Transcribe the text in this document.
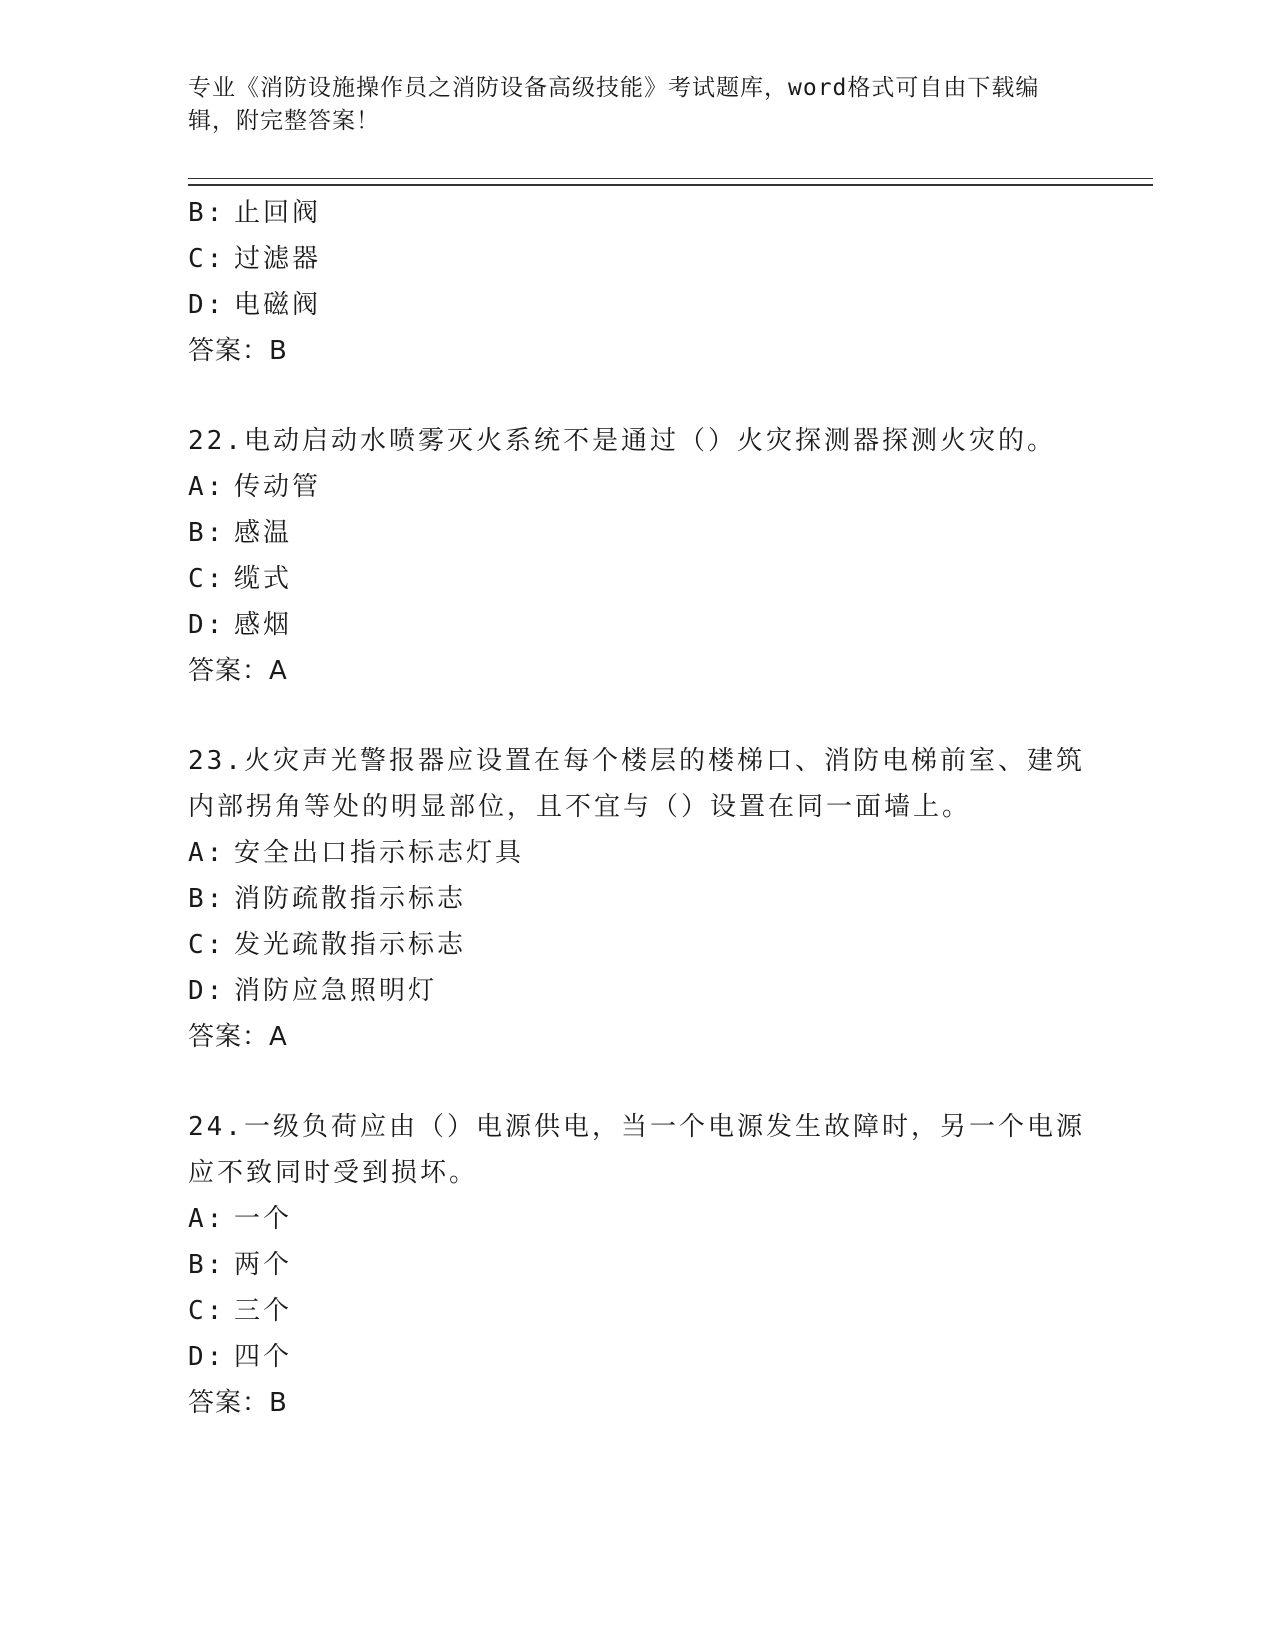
专业《消防设施操作员之消防设备高级技能》考试题库，word格式可自由下载编
辑，附完整答案！
B: 止回阀
C: 过滤器
D: 电磁阀
答案：B
22.电动启动水喷雾灭火系统不是通过（）火灾探测器探测火灾的。
A: 传动管
B: 感温
C: 缆式
D: 感烟
答案：A
23.火灾声光警报器应设置在每个楼层的楼梯口、消防电梯前室、建筑
内部拐角等处的明显部位，且不宜与（）设置在同一面墙上。
A: 安全出口指示标志灯具
B: 消防疏散指示标志
C: 发光疏散指示标志
D: 消防应急照明灯
答案：A
24.一级负荷应由（）电源供电，当一个电源发生故障时，另一个电源
应不致同时受到损坏。
A: 一个
B: 两个
C: 三个
D: 四个
答案：B
